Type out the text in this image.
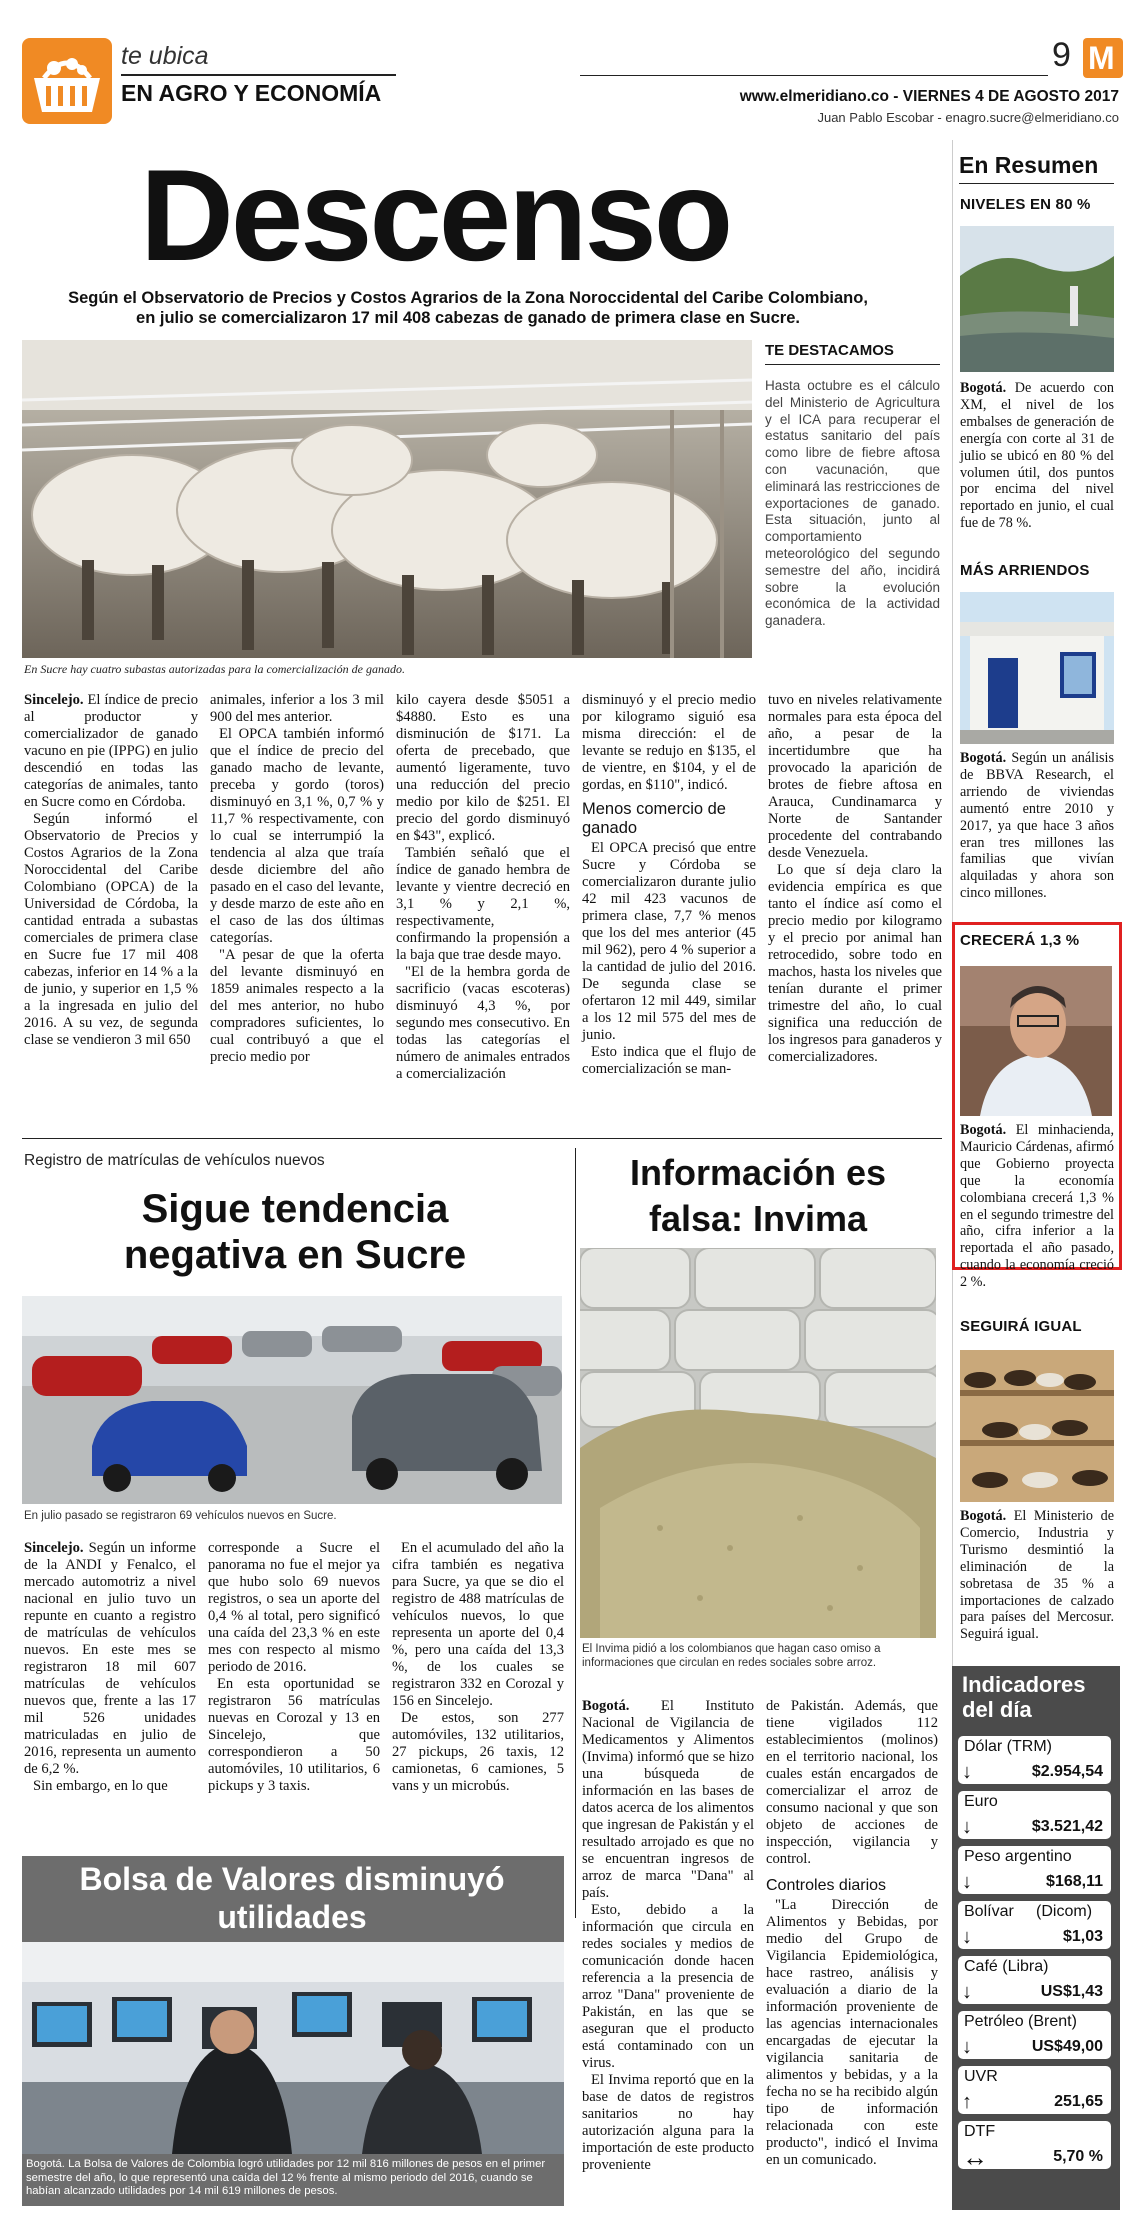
te ubica
EN AGRO Y ECONOMÍA
9 M
www.elmeridiano.co - VIERNES 4 DE AGOSTO 2017
Juan Pablo Escobar - enagro.sucre@elmeridiano.co
Descenso
Según el Observatorio de Precios y Costos Agrarios de la Zona Noroccidental del Caribe Colombiano, en julio se comercializaron 17 mil 408 cabezas de ganado de primera clase en Sucre.
En Sucre hay cuatro subastas autorizadas para la comercialización de ganado.
TE DESTACAMOS
Hasta octubre es el cálculo del Ministerio de Agricultura y el ICA para recuperar el estatus sanitario del país como libre de fiebre aftosa con vacunación, que eliminará las restricciones de exportaciones de ganado. Esta situación, junto al comportamiento meteorológico del segundo semestre del año, incidirá sobre la evolución económica de la actividad ganadera.

Sincelejo. El índice de precio al productor y comercializador de ganado vacuno en pie (IPPG) en julio descendió en todas las categorías de animales, tanto en Sucre como en Córdoba.

Según informó el Observatorio de Precios y Costos Agrarios de la Zona Noroccidental del Caribe Colombiano (OPCA) de la Universidad de Córdoba, la cantidad entrada a subastas comerciales de primera clase en Sucre fue 17 mil 408 cabezas, inferior en 14 % a la de junio, y superior en 1,5 % a la ingresada en julio del 2016. A su vez, de segunda clase se vendieron 3 mil 650

animales, inferior a los 3 mil 900 del mes anterior.

El OPCA también informó que el índice de precio del ganado macho de levante, preceba y gordo (toros) disminuyó en 3,1 %, 0,7 % y 11,7 % respectivamente, con lo cual se interrumpió la tendencia al alza que traía desde diciembre del año pasado en el caso del levante, y desde marzo de este año en el caso de las dos últimas categorías.

"A pesar de que la oferta del levante disminuyó en 1859 animales respecto a la del mes anterior, no hubo compradores suficientes, lo cual contribuyó a que el precio medio por

kilo cayera desde $5051 a $4880. Esto es una disminución de $171. La oferta de precebado, que aumentó ligeramente, tuvo una reducción del precio medio por kilo de $251. El precio del gordo disminuyó en $43", explicó.

También señaló que el índice de ganado hembra de levante y vientre decreció en 3,1 % y 2,1 %, respectivamente, confirmando la propensión a la baja que trae desde mayo.

"El de la hembra gorda de sacrificio (vacas escoteras) disminuyó 4,3 %, por segundo mes consecutivo. En todas las categorías el número de animales entrados a comercialización

disminuyó y el precio medio por kilogramo siguió esa misma dirección: el de levante se redujo en $135, el de vientre, en $104, y el de gordas, en $110", indicó.

Menos comercio de ganado

El OPCA precisó que entre Sucre y Córdoba se comercializaron durante julio 42 mil 423 vacunos de primera clase, 7,7 % menos que los del mes anterior (45 mil 962), pero 4 % superior a la cantidad de julio del 2016. De segunda clase se ofertaron 12 mil 449, similar a los 12 mil 575 del mes de junio.

Esto indica que el flujo de comercialización se man-

tuvo en niveles relativamente normales para esta época del año, a pesar de la incertidumbre que ha provocado la aparición de brotes de fiebre aftosa en Arauca, Cundinamarca y Norte de Santander procedente del contrabando desde Venezuela.

Lo que sí deja claro la evidencia empírica es que tanto el índice así como el precio medio por kilogramo y el precio por animal han retrocedido, sobre todo en machos, hasta los niveles que tenían durante el primer trimestre del año, lo cual significa una reducción de los ingresos para ganaderos y comercializadores.

Registro de matrículas de vehículos nuevos
Sigue tendencia negativa en Sucre
En julio pasado se registraron 69 vehículos nuevos en Sucre.

Sincelejo. Según un informe de la ANDI y Fenalco, el mercado automotriz a nivel nacional en julio tuvo un repunte en cuanto a registro de matrículas de vehículos nuevos. En este mes se registraron 18 mil 607 matrículas de vehículos nuevos que, frente a las 17 mil 526 unidades matriculadas en julio de 2016, representa un aumento de 6,2 %.

Sin embargo, en lo que

corresponde a Sucre el panorama no fue el mejor ya que hubo solo 69 nuevos registros, o sea un aporte del 0,4 % al total, pero significó una caída del 23,3 % en este mes con respecto al mismo periodo de 2016.

En esta oportunidad se registraron 56 matrículas nuevas en Corozal y 13 en Sincelejo, que correspondieron a 50 automóviles, 10 utilitarios, 6 pickups y 3 taxis.

En el acumulado del año la cifra también es negativa para Sucre, ya que se dio el registro de 488 matrículas de vehículos nuevos, lo que representa un aporte del 0,4 %, pero una caída del 13,3 %, de los cuales se registraron 332 en Corozal y 156 en Sincelejo.

De estos, son 277 automóviles, 132 utilitarios, 27 pickups, 26 taxis, 12 camionetas, 6 camiones, 5 vans y un microbús.

Información es falsa: Invima
El Invima pidió a los colombianos que hagan caso omiso a informaciones que circulan en redes sociales sobre arroz.

Bogotá. El Instituto Nacional de Vigilancia de Medicamentos y Alimentos (Invima) informó que se hizo una búsqueda de información en las bases de datos acerca de los alimentos que ingresan de Pakistán y el resultado arrojado es que no se encuentran ingresos de arroz de marca "Dana" al país.

Esto, debido a la información que circula en redes sociales y medios de comunicación donde hacen referencia a la presencia de arroz "Dana" proveniente de Pakistán, en las que se aseguran que el producto está contaminado con un virus.

El Invima reportó que en la base de datos de registros sanitarios no hay autorización alguna para la importación de este producto proveniente

de Pakistán. Además, que tiene vigilados 112 establecimientos (molinos) en el territorio nacional, los cuales están encargados de comercializar el arroz de consumo nacional y que son objeto de acciones de inspección, vigilancia y control.

Controles diarios

"La Dirección de Alimentos y Bebidas, por medio del Grupo de Vigilancia Epidemiológica, hace rastreo, análisis y evaluación a diario de la información proveniente de las agencias internacionales encargadas de ejecutar la vigilancia sanitaria de alimentos y bebidas, y a la fecha no se ha recibido algún tipo de información relacionada con este producto", indicó el Invima en un comunicado.

Bolsa de Valores disminuyó utilidades
Bogotá. La Bolsa de Valores de Colombia logró utilidades por 12 mil 816 millones de pesos en el primer semestre del año, lo que representó una caída del 12 % frente al mismo periodo del 2016, cuando se habían alcanzado utilidades por 14 mil 619 millones de pesos.
En Resumen
NIVELES EN 80 %
Bogotá. De acuerdo con XM, el nivel de los embalses de generación de energía con corte al 31 de julio se ubicó en 80 % del volumen útil, dos puntos por encima del nivel reportado en junio, el cual fue de 78 %.
MÁS ARRIENDOS
Bogotá. Según un análisis de BBVA Research, el arriendo de viviendas aumentó entre 2010 y 2017, ya que hace 3 años eran tres millones las familias que vivían alquiladas y ahora son cinco millones.
CRECERÁ 1,3 %
Bogotá. El minhacienda, Mauricio Cárdenas, afirmó que Gobierno proyecta que la economía colombiana crecerá 1,3 % en el segundo trimestre del año, cifra inferior a la reportada el año pasado, cuando la economía creció 2 %.
SEGUIRÁ IGUAL
Bogotá. El Ministerio de Comercio, Industria y Turismo desmintió la eliminación de la sobretasa de 35 % a importaciones de calzado para países del Mercosur. Seguirá igual.
Indicadores del día
Dólar (TRM)
↓	$2.954,54
Euro
↓	$3.521,42
Peso argentino
↓	$168,11
Bolívar     (Dicom)
↓	$1,03
Café (Libra)
↓	US$1,43
Petróleo (Brent)
↓	US$49,00
UVR
↑	251,65
DTF
↔	5,70 %
